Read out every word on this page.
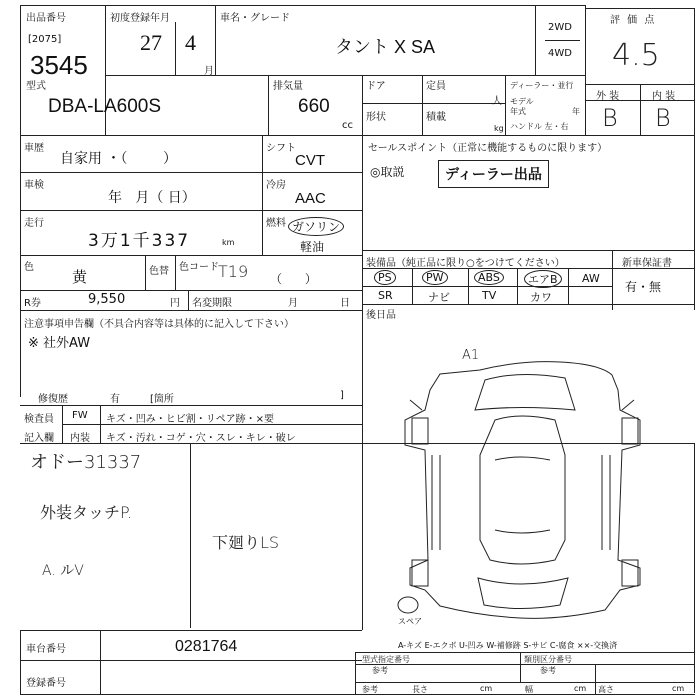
出品番号
[2075]
3545
初度登録年月
27 4
月
車名・グレード
タント X SA
2WD
4WD
評 価 点
4.5
型式
DBA-LA600S
排気量
660
cc
ドア	定員
人
形状	積載
kg
ディーラー・並行
モデル
年式	年
ハンドル 左・右
外 装	内 装
B B
車歴
自家用 ・（        ）
シフト
CVT
車検
年   月（ 日）
冷房
AAC
走行
3万1千337	km
燃料 ガソリン
軽油
色
黄	色替 色コード T19 （      ）
R券	9,550	円 名変期限	月	日
注意事項申告欄（不具合内容等は具体的に記入して下さい）
※ 社外AW
修復歴	有	[箇所	]
セールスポイント（正常に機能するものに限ります）
◎取説	ディーラー出品
装備品（純正品に限り○をつけてください）	新車保証書
PS	PW	ABS	エアB	AW
SR	ナビ	TV	カワ
有・無
後日品
検査員
記入欄
FW キズ・凹み・ヒビ割・リペア跡・×要
内装 キズ・汚れ・コゲ・穴・スレ・キレ・破レ
オドー31337
外装タッチP.
下廻りLS
A. ルV
A1
スペア
A-キズ E-エクボ U-凹み W-補修跡 S-サビ C-腐食 ××-交換済
車台番号	0281764
登録番号
型式指定番号
参考
類別区分番号
参考
参考	長さ	cm	幅	cm 高さ	cm
